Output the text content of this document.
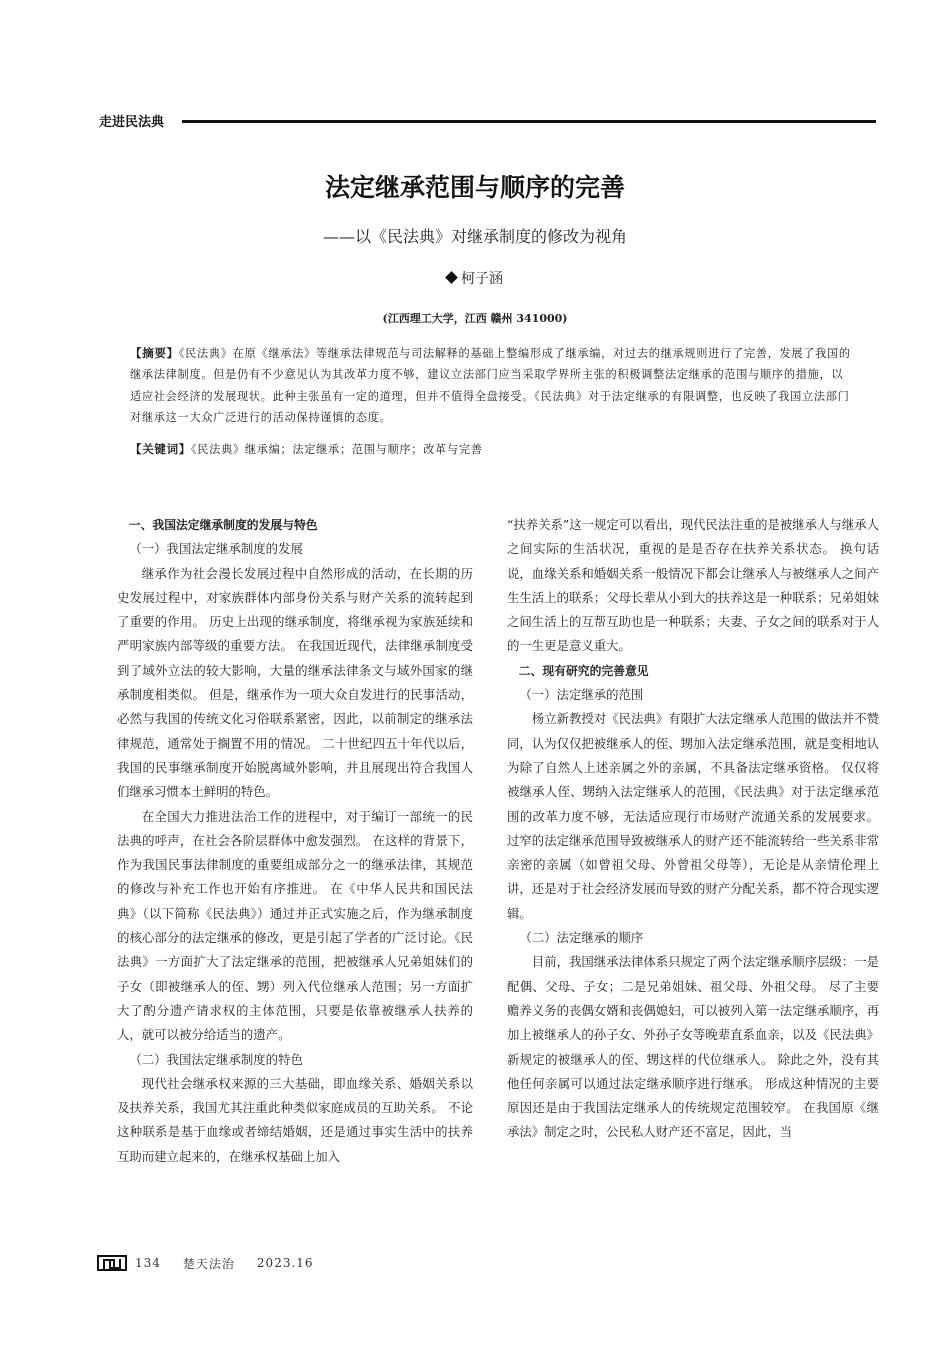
走进民法典
法定继承范围与顺序的完善
——以《民法典》对继承制度的修改为视角
柯子涵
(江西理工大学，江西 赣州 341000)
【摘要】《民法典》在原《继承法》等继承法律规范与司法解释的基础上整编形成了继承编，对过去的继承规则进行了完善，发展了我国的继承法律制度。但是仍有不少意见认为其改革力度不够，建议立法部门应当采取学界所主张的积极调整法定继承的范围与顺序的措施，以适应社会经济的发展现状。此种主张虽有一定的道理，但并不值得全盘接受。《民法典》对于法定继承的有限调整，也反映了我国立法部门对继承这一大众广泛进行的活动保持谨慎的态度。
【关键词】《民法典》继承编；法定继承；范围与顺序；改革与完善

一、我国法定继承制度的发展与特色

（一）我国法定继承制度的发展

继承作为社会漫长发展过程中自然形成的活动，在长期的历史发展过程中，对家族群体内部身份关系与财产关系的流转起到了重要的作用。 历史上出现的继承制度，将继承视为家族延续和严明家族内部等级的重要方法。 在我国近现代，法律继承制度受到了域外立法的较大影响，大量的继承法律条文与域外国家的继承制度相类似。 但是，继承作为一项大众自发进行的民事活动，必然与我国的传统文化习俗联系紧密，因此，以前制定的继承法律规范，通常处于搁置不用的情况。 二十世纪四五十年代以后，我国的民事继承制度开始脱离域外影响，并且展现出符合我国人们继承习惯本土鲜明的特色。

在全国大力推进法治工作的进程中，对于编订一部统一的民法典的呼声，在社会各阶层群体中愈发强烈。 在这样的背景下，作为我国民事法律制度的重要组成部分之一的继承法律，其规范的修改与补充工作也开始有序推进。 在《中华人民共和国民法典》（以下简称《民法典》）通过并正式实施之后，作为继承制度的核心部分的法定继承的修改，更是引起了学者的广泛讨论。《民法典》一方面扩大了法定继承的范围，把被继承人兄弟姐妹们的子女（即被继承人的侄、甥）列入代位继承人范围；另一方面扩大了酌分遗产请求权的主体范围，只要是依靠被继承人扶养的人，就可以被分给适当的遗产。

（二）我国法定继承制度的特色

现代社会继承权来源的三大基础，即血缘关系、婚姻关系以及扶养关系，我国尤其注重此种类似家庭成员的互助关系。 不论这种联系是基于血缘或者缔结婚姻，还是通过事实生活中的扶养互助而建立起来的，在继承权基础上加入

“扶养关系”这一规定可以看出，现代民法注重的是被继承人与继承人之间实际的生活状况，重视的是是否存在扶养关系状态。 换句话说，血缘关系和婚姻关系一般情况下都会让继承人与被继承人之间产生生活上的联系；父母长辈从小到大的扶养这是一种联系；兄弟姐妹之间生活上的互帮互助也是一种联系；夫妻、子女之间的联系对于人的一生更是意义重大。

二、现有研究的完善意见

（一）法定继承的范围

杨立新教授对《民法典》有限扩大法定继承人范围的做法并不赞同，认为仅仅把被继承人的侄、甥加入法定继承范围，就是变相地认为除了自然人上述亲属之外的亲属，不具备法定继承资格。 仅仅将被继承人侄、甥纳入法定继承人的范围，《民法典》对于法定继承范围的改革力度不够，无法适应现行市场财产流通关系的发展要求。 过窄的法定继承范围导致被继承人的财产还不能流转给一些关系非常亲密的亲属（如曾祖父母、外曾祖父母等），无论是从亲情伦理上讲，还是对于社会经济发展而导致的财产分配关系，都不符合现实逻辑。

（二）法定继承的顺序

目前，我国继承法律体系只规定了两个法定继承顺序层级：一是配偶、父母、子女；二是兄弟姐妹、祖父母、外祖父母。 尽了主要赡养义务的丧偶女婿和丧偶媳妇，可以被列入第一法定继承顺序，再加上被继承人的孙子女、外孙子女等晚辈直系血亲，以及《民法典》新规定的被继承人的侄、甥这样的代位继承人。 除此之外，没有其他任何亲属可以通过法定继承顺序进行继承。 形成这种情况的主要原因还是由于我国法定继承人的传统规定范围较窄。 在我国原《继承法》制定之时，公民私人财产还不富足，因此，当

134 楚天法治 2023.16
